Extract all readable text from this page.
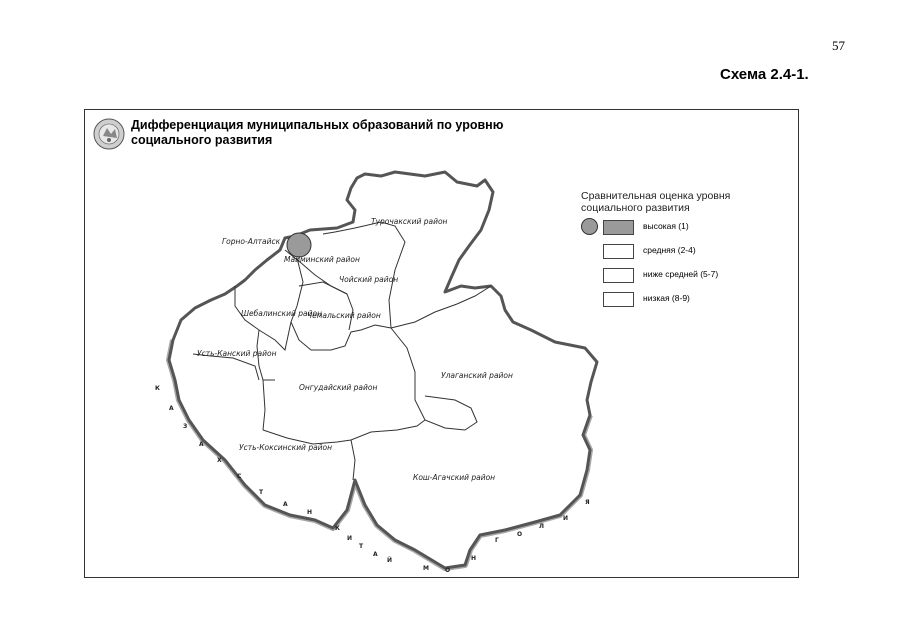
57
Схема 2.4-1.
Турочакский район
Горно-Алтайск
Майминский район
Чойский район
Шебалинский район
Чемальский район
Усть-Канский район
Онгудайский район
Улаганский район
Усть-Коксинский район
Кош-Агачский район
К
А
З
А
Х
С
Т
А
Н
К
И
Т
А
Й
М	О
Н
Г
О
Л
И
Я
Дифференциация муниципальных образований по уровню социального развития
Сравнительная оценка уровня социального развития
высокая (1)
средняя (2-4)
ниже средней (5-7)
низкая (8-9)
